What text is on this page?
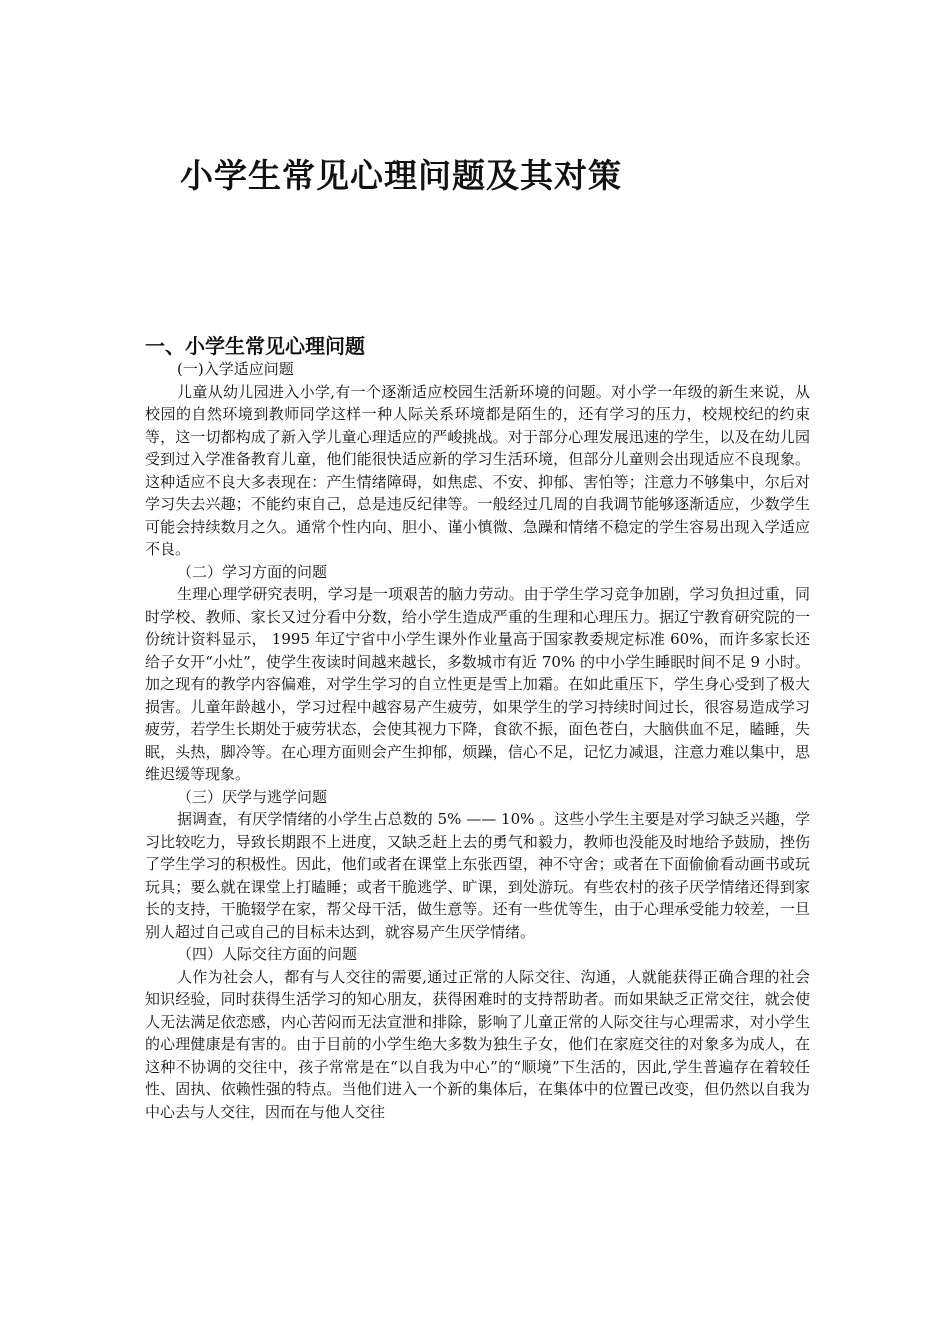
小学生常见心理问题及其对策
一、小学生常见心理问题
(一)入学适应问题

儿童从幼儿园进入小学,有一个逐渐适应校园生活新环境的问题。对小学一年级的新生来说，从校园的自然环境到教师同学这样一种人际关系环境都是陌生的，还有学习的压力，校规校纪的约束等，这一切都构成了新入学儿童心理适应的严峻挑战。对于部分心理发展迅速的学生，以及在幼儿园受到过入学准备教育儿童，他们能很快适应新的学习生活环境，但部分儿童则会出现适应不良现象。这种适应不良大多表现在：产生情绪障碍，如焦虑、不安、抑郁、害怕等；注意力不够集中，尔后对学习失去兴趣；不能约束自己，总是违反纪律等。一般经过几周的自我调节能够逐渐适应，少数学生可能会持续数月之久。通常个性内向、胆小、谨小慎微、急躁和情绪不稳定的学生容易出现入学适应不良。

（二）学习方面的问题

生理心理学研究表明，学习是一项艰苦的脑力劳动。由于学生学习竞争加剧，学习负担过重，同时学校、教师、家长又过分看中分数，给小学生造成严重的生理和心理压力。据辽宁教育研究院的一份统计资料显示， 1995 年辽宁省中小学生课外作业量高于国家教委规定标准 60%，而许多家长还给子女开“小灶”，使学生夜读时间越来越长，多数城市有近 70% 的中小学生睡眠时间不足 9 小时。加之现有的教学内容偏难，对学生学习的自立性更是雪上加霜。在如此重压下，学生身心受到了极大损害。儿童年龄越小，学习过程中越容易产生疲劳，如果学生的学习持续时间过长，很容易造成学习疲劳，若学生长期处于疲劳状态，会使其视力下降，食欲不振，面色苍白，大脑供血不足，瞌睡，失眠，头热，脚冷等。在心理方面则会产生抑郁，烦躁，信心不足，记忆力减退，注意力难以集中，思维迟缓等现象。

（三）厌学与逃学问题

据调查，有厌学情绪的小学生占总数的 5% —— 10% 。这些小学生主要是对学习缺乏兴趣，学习比较吃力，导致长期跟不上进度，又缺乏赶上去的勇气和毅力，教师也没能及时地给予鼓励，挫伤了学生学习的积极性。因此，他们或者在课堂上东张西望，神不守舍；或者在下面偷偷看动画书或玩玩具；要么就在课堂上打瞌睡；或者干脆逃学、旷课，到处游玩。有些农村的孩子厌学情绪还得到家长的支持，干脆辍学在家，帮父母干活，做生意等。还有一些优等生，由于心理承受能力较差，一旦别人超过自己或自己的目标未达到，就容易产生厌学情绪。

（四）人际交往方面的问题

人作为社会人，都有与人交往的需要,通过正常的人际交往、沟通，人就能获得正确合理的社会知识经验，同时获得生活学习的知心朋友，获得困难时的支持帮助者。而如果缺乏正常交往，就会使人无法满足依恋感，内心苦闷而无法宣泄和排除，影响了儿童正常的人际交往与心理需求，对小学生的心理健康是有害的。由于目前的小学生绝大多数为独生子女，他们在家庭交往的对象多为成人，在这种不协调的交往中，孩子常常是在“以自我为中心”的“顺境”下生活的，因此,学生普遍存在着较任性、固执、依赖性强的特点。当他们进入一个新的集体后，在集体中的位置已改变，但仍然以自我为中心去与人交往，因而在与他人交往
